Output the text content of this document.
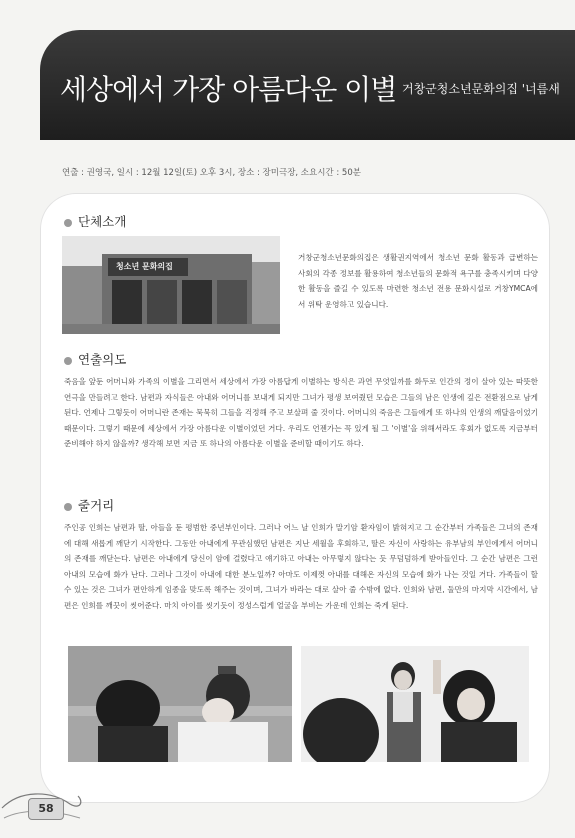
세상에서 가장 아름다운 이별 거창군청소년문화의집 '너름새
연출 : 권영국, 일시 : 12월 12일(토) 오후 3시, 장소 : 장미극장, 소요시간 : 50분
단체소개
청소년 문화의집

거창군청소년문화의집은 생활권지역에서 청소년 문화 활동과 급변하는 사회의 각종 정보를 활용하여 청소년들의 문화적 욕구를 충족시키며 다양한 활동을 즐길 수 있도록 마련한 청소년 전용 문화시설로 거창YMCA에서 위탁 운영하고 있습니다.

연출의도

죽음을 앞둔 어머니와 가족의 이별을 그리면서 세상에서 가장 아름답게 이별하는 방식은 과연 무엇일까를 화두로 인간의 정이 살아 있는 따뜻한 연극을 만들려고 한다. 남편과 자식들은 아내와 어머니를 보내게 되지만 그녀가 평생 보여줬던 모습은 그들의 남은 인생에 깊은 전환점으로 남게 된다. 언제나 그렇듯이 어머니란 존재는 묵묵히 그들을 걱정해 주고 보살펴 줄 것이다. 어머니의 죽음은 그들에게 또 하나의 인생의 깨달음이었기 때문이다. 그렇기 때문에 세상에서 가장 아름다운 이별이었던 거다. 우리도 언젠가는 꼭 있게 될 그 '이별'을 위해서라도 후회가 없도록 지금부터 준비해야 하지 않을까? 생각해 보면 지금 또 하나의 아름다운 이별을 준비할 때이기도 하다.

줄거리

주인공 인희는 남편과 딸, 아들을 둔 평범한 중년부인이다. 그러나 어느 날 인희가 말기암 환자임이 밝혀지고 그 순간부터 가족들은 그녀의 존재에 대해 새롭게 깨닫기 시작한다. 그동안 아내에게 무관심했던 남편은 지난 세월을 후회하고, 딸은 자신이 사랑하는 유부남의 부인에게서 어머니의 존재를 깨닫는다. 남편은 아내에게 당신이 암에 걸렸다고 얘기하고 아내는 아무렇지 않다는 듯 무덤덤하게 받아들인다. 그 순간 남편은 그런 아내의 모습에 화가 난다. 그러나 그것이 아내에 대한 분노일까? 아마도 이제껏 아내를 대해온 자신의 모습에 화가 나는 것일 거다. 가족들이 할 수 있는 것은 그녀가 편안하게 임종을 맞도록 해주는 것이며, 그녀가 바라는 대로 살아 줄 수밖에 없다. 인희와 남편, 둘만의 마지막 시간에서, 남편은 인희를 깨끗이 씻어준다. 마치 아이를 씻기듯이 정성스럽게 얼굴을 부비는 가운데 인희는 죽게 된다.

58
